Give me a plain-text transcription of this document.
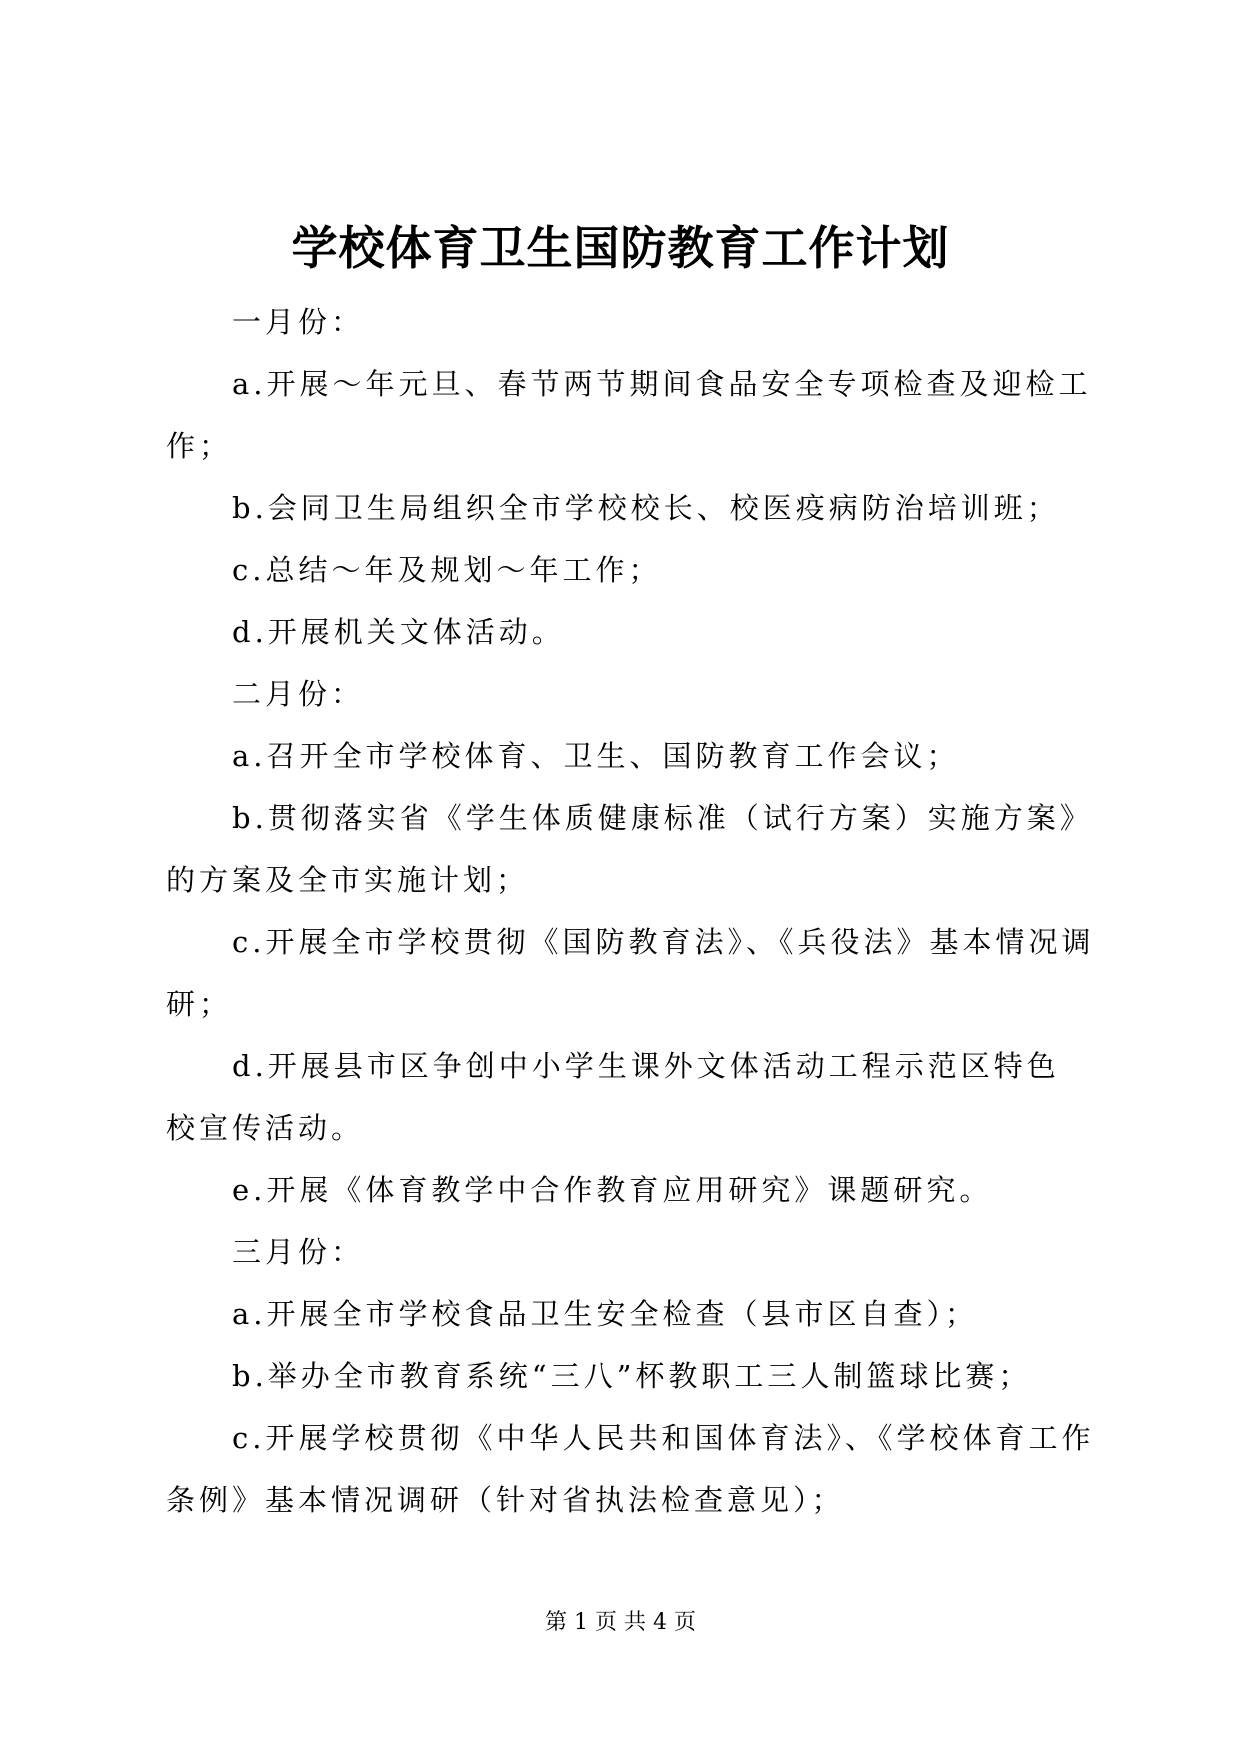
学校体育卫生国防教育工作计划
一月份：
a.开展～年元旦、春节两节期间食品安全专项检查及迎检工
作；
b.会同卫生局组织全市学校校长、校医疫病防治培训班；
c.总结～年及规划～年工作；
d.开展机关文体活动。
二月份：
a.召开全市学校体育、卫生、国防教育工作会议；
b.贯彻落实省《学生体质健康标准（试行方案）实施方案》
的方案及全市实施计划；
c.开展全市学校贯彻《国防教育法》、《兵役法》基本情况调
研；
d.开展县市区争创中小学生课外文体活动工程示范区特色
校宣传活动。
e.开展《体育教学中合作教育应用研究》课题研究。
三月份：
a.开展全市学校食品卫生安全检查（县市区自查）；
b.举办全市教育系统“三八”杯教职工三人制篮球比赛；
c.开展学校贯彻《中华人民共和国体育法》、《学校体育工作
条例》基本情况调研（针对省执法检查意见）；
第 1 页 共 4 页
